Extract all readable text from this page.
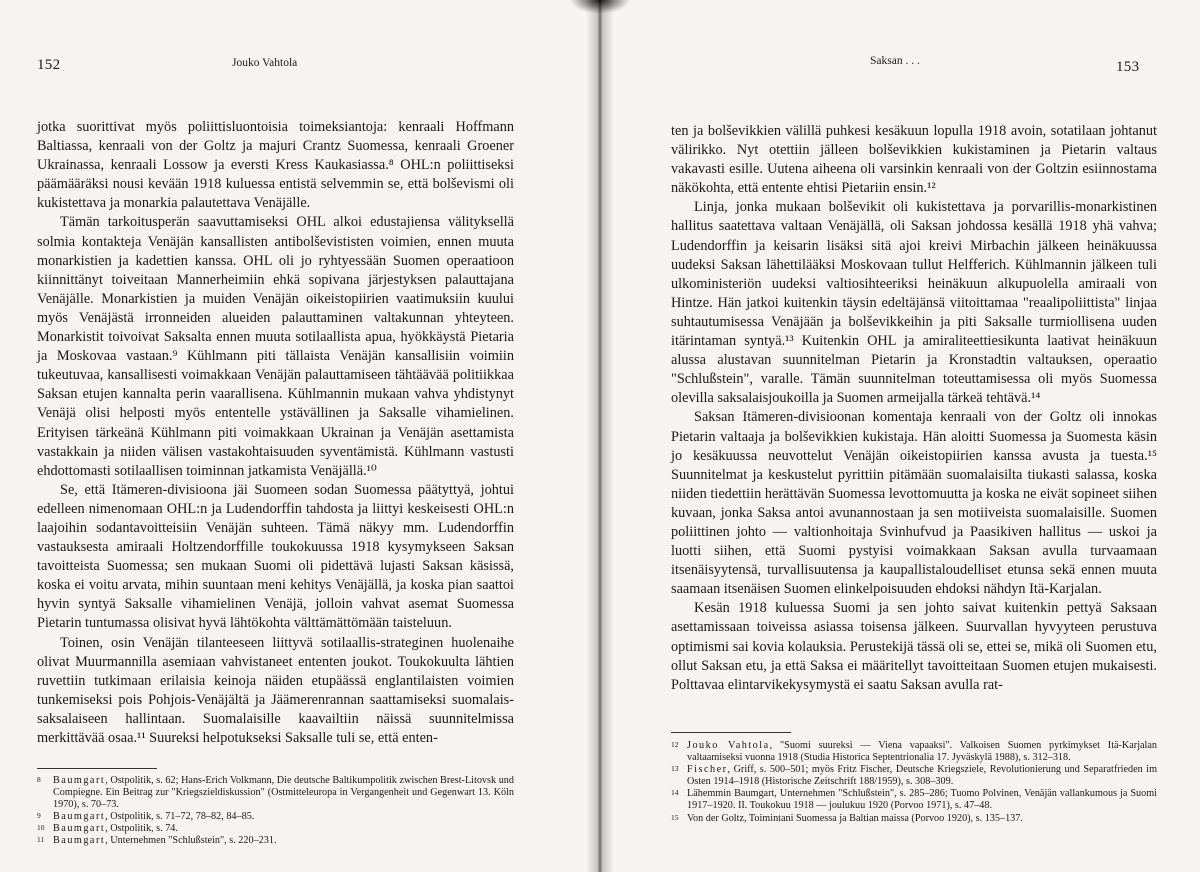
152	Jouko Vahtola

jotka suorittivat myös poliittisluontoisia toimeksiantoja: kenraali Hoffmann Baltiassa, kenraali von der Goltz ja majuri Crantz Suomessa, kenraali Groener Ukrainassa, kenraali Lossow ja eversti Kress Kaukasiassa.⁸ OHL:n poliittiseksi päämääräksi nousi kevään 1918 kuluessa entistä selvemmin se, että bolševismi oli kukistettava ja monarkia palautettava Venäjälle.

Tämän tarkoitusperän saavuttamiseksi OHL alkoi edustajiensa välityksellä solmia kontakteja Venäjän kansallisten antibolševististen voimien, ennen muuta monarkistien ja kadettien kanssa. OHL oli jo ryhtyessään Suomen operaatioon kiinnittänyt toiveitaan Mannerheimiin ehkä sopivana järjestyksen palauttajana Venäjälle. Monarkistien ja muiden Venäjän oikeistopiirien vaatimuksiin kuului myös Venäjästä irronneiden alueiden palauttaminen valtakunnan yhteyteen. Monarkistit toivoivat Saksalta ennen muuta sotilaallista apua, hyökkäystä Pietaria ja Moskovaa vastaan.⁹ Kühlmann piti tällaista Venäjän kansallisiin voimiin tukeutuvaa, kansallisesti voimakkaan Venäjän palauttamiseen tähtäävää politiikkaa Saksan etujen kannalta perin vaarallisena. Kühlmannin mukaan vahva yhdistynyt Venäjä olisi helposti myös ententelle ystävällinen ja Saksalle vihamielinen. Erityisen tärkeänä Kühlmann piti voimakkaan Ukrainan ja Venäjän asettamista vastakkain ja niiden välisen vastakohtaisuuden syventämistä. Kühlmann vastusti ehdottomasti sotilaallisen toiminnan jatkamista Venäjällä.¹⁰

Se, että Itämeren-divisioona jäi Suomeen sodan Suomessa päätyttyä, johtui edelleen nimenomaan OHL:n ja Ludendorffin tahdosta ja liittyi keskeisesti OHL:n laajoihin sodantavoitteisiin Venäjän suhteen. Tämä näkyy mm. Ludendorffin vastauksesta amiraali Holtzendorffille toukokuussa 1918 kysymykseen Saksan tavoitteista Suomessa; sen mukaan Suomi oli pidettävä lujasti Saksan käsissä, koska ei voitu arvata, mihin suuntaan meni kehitys Venäjällä, ja koska pian saattoi hyvin syntyä Saksalle vihamielinen Venäjä, jolloin vahvat asemat Suomessa Pietarin tuntumassa olisivat hyvä lähtökohta välttämättömään taisteluun.

Toinen, osin Venäjän tilanteeseen liittyvä sotilaallis-strateginen huolenaihe olivat Muurmannilla asemiaan vahvistaneet ententen joukot. Toukokuulta lähtien ruvettiin tutkimaan erilaisia keinoja näiden etupäässä englantilaisten voimien tunkemiseksi pois Pohjois-Venäjältä ja Jäämerenrannan saattamiseksi suomalais-saksalaiseen hallintaan. Suomalaisille kaavailtiin näissä suunnitelmissa merkittävää osaa.¹¹ Suureksi helpotukseksi Saksalle tuli se, että enten-

8 Baumgart, Ostpolitik, s. 62; Hans-Erich Volkmann, Die deutsche Baltikumpolitik zwischen Brest-Litovsk und Compiegne. Ein Beitrag zur "Kriegszieldiskussion" (Ostmitteleuropa in Vergangenheit und Gegenwart 13. Köln 1970), s. 70–73.

9 Baumgart, Ostpolitik, s. 71–72, 78–82, 84–85.

10 Baumgart, Ostpolitik, s. 74.

11 Baumgart, Unternehmen "Schlußstein", s. 220–231.

Saksan . . .	153

ten ja bolševikkien välillä puhkesi kesäkuun lopulla 1918 avoin, sotatilaan johtanut välirikko. Nyt otettiin jälleen bolševikkien kukistaminen ja Pietarin valtaus vakavasti esille. Uutena aiheena oli varsinkin kenraali von der Goltzin esiinnostama näkökohta, että entente ehtisi Pietariin ensin.¹²

Linja, jonka mukaan bolševikit oli kukistettava ja porvarillis-monarkistinen hallitus saatettava valtaan Venäjällä, oli Saksan johdossa kesällä 1918 yhä vahva; Ludendorffin ja keisarin lisäksi sitä ajoi kreivi Mirbachin jälkeen heinäkuussa uudeksi Saksan lähettilääksi Moskovaan tullut Helfferich. Kühlmannin jälkeen tuli ulkoministeriön uudeksi valtiosihteeriksi heinäkuun alkupuolella amiraali von Hintze. Hän jatkoi kuitenkin täysin edeltäjänsä viitoittamaa "reaalipoliittista" linjaa suhtautumisessa Venäjään ja bolševikkeihin ja piti Saksalle turmiollisena uuden itärintaman syntyä.¹³ Kuitenkin OHL ja amiraliteettiesikunta laativat heinäkuun alussa alustavan suunnitelman Pietarin ja Kronstadtin valtauksen, operaatio "Schlußstein", varalle. Tämän suunnitelman toteuttamisessa oli myös Suomessa olevilla saksalaisjoukoilla ja Suomen armeijalla tärkeä tehtävä.¹⁴

Saksan Itämeren-divisioonan komentaja kenraali von der Goltz oli innokas Pietarin valtaaja ja bolševikkien kukistaja. Hän aloitti Suomessa ja Suomesta käsin jo kesäkuussa neuvottelut Venäjän oikeistopiirien kanssa avusta ja tuesta.¹⁵ Suunnitelmat ja keskustelut pyrittiin pitämään suomalaisilta tiukasti salassa, koska niiden tiedettiin herättävän Suomessa levottomuutta ja koska ne eivät sopineet siihen kuvaan, jonka Saksa antoi avunannostaan ja sen motiiveista suomalaisille. Suomen poliittinen johto — valtionhoitaja Svinhufvud ja Paasikiven hallitus — uskoi ja luotti siihen, että Suomi pystyisi voimakkaan Saksan avulla turvaamaan itsenäisyytensä, turvallisuutensa ja kaupallistaloudelliset etunsa sekä ennen muuta saamaan itsenäisen Suomen elinkelpoisuuden ehdoksi nähdyn Itä-Karjalan.

Kesän 1918 kuluessa Suomi ja sen johto saivat kuitenkin pettyä Saksaan asettamissaan toiveissa asiassa toisensa jälkeen. Suurvallan hyvyyteen perustuva optimismi sai kovia kolauksia. Perustekijä tässä oli se, ettei se, mikä oli Suomen etu, ollut Saksan etu, ja että Saksa ei määritellyt tavoitteitaan Suomen etujen mukaisesti. Polttavaa elintarvikekysymystä ei saatu Saksan avulla rat-

12 Jouko Vahtola, "Suomi suureksi — Viena vapaaksi". Valkoisen Suomen pyrkimykset Itä-Karjalan valtaamiseksi vuonna 1918 (Studia Historica Septentrionalia 17. Jyväskylä 1988), s. 312–318.

13 Fischer, Griff, s. 500–501; myös Fritz Fischer, Deutsche Kriegsziele, Revolutionierung und Separatfrieden im Osten 1914–1918 (Historische Zeitschrift 188/1959), s. 308–309.

14 Lähemmin Baumgart, Unternehmen "Schlußstein", s. 285–286; Tuomo Polvinen, Venäjän vallankumous ja Suomi 1917–1920. II. Toukokuu 1918 — joulukuu 1920 (Porvoo 1971), s. 47–48.

15 Von der Goltz, Toimintani Suomessa ja Baltian maissa (Porvoo 1920), s. 135–137.
